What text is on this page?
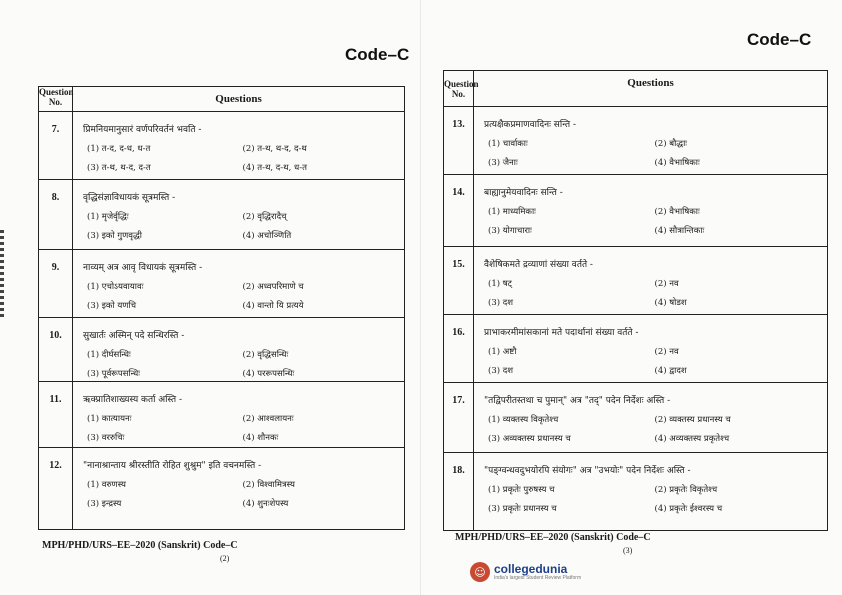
Code–C
Question No.	Questions
7.	प्रिमनियमानुसारं वर्णपरिवर्तनं भवति -
(1) त-द, द-ध, ध-त (2) त-थ, थ-द, द-थ
(3) त-थ, थ-द, द-त (4) त-थ, द-थ, ध-त

8.	वृद्धिसंज्ञाविधायकं सूत्रमस्ति -
(1) मृजेर्वृद्धिः (2) वृद्धिरादैच्
(3) इको गुणवृद्धी (4) अचोञ्णिति

9.	नाव्यम् अत्र आवृ विधायकं सूत्रमस्ति -
(1) एचोऽयवायावः (2) अध्वपरिमाणे च
(3) इको यणचि (4) वान्तो यि प्रत्यये

10.	सुखार्तः अस्मिन् पदे सन्धिरस्ति -
(1) दीर्घसन्धिः (2) वृद्धिसन्धिः
(3) पूर्वरूपसन्धिः (4) पररूपसन्धिः

11.	ऋक्प्रातिशाख्यस्य कर्ता अस्ति -
(1) कात्यायनः (2) आश्वलायनः
(3) वररुचिः (4) शौनकः

12.	"नानाश्रान्ताय श्रीरस्तीति रोहित शुश्रुम" इति वचनमस्ति -
(1) वरुणस्य (2) विश्वामित्रस्य
(3) इन्द्रस्य (4) शुनःशेपस्य
MPH/PHD/URS–EE–2020 (Sanskrit) Code–C
(2)
Code–C
Question No.	Questions
13.	प्रत्यक्षैकप्रमाणवादिनः सन्ति -
(1) चार्वाकाः (2) बौद्धाः
(3) जैनाः (4) वैभाषिकाः

14.	बाह्यानुमेयवादिनः सन्ति -
(1) माध्यमिकाः (2) वैभाषिकाः
(3) योगाचाराः (4) सौत्रान्तिकाः

15.	वैशेषिकमते द्रव्याणां संख्या वर्तते -
(1) षट् (2) नव
(3) दश (4) षोडश

16.	प्राभाकरमीमांसकानां मते पदार्थानां संख्या वर्तते -
(1) अष्टौ (2) नव
(3) दश (4) द्वादश

17.	"तद्विपरीतस्तथा च पुमान्" अत्र "तद्" पदेन निर्देशः अस्ति -
(1) व्यक्तस्य विकृतेश्च (2) व्यक्तस्य प्रधानस्य च
(3) अव्यक्तस्य प्रधानस्य च (4) अव्यक्तस्य प्रकृतेश्च

18.	"पङ्ग्वन्धवदुभयोरपि संयोगः" अत्र "उभयोः" पदेन निर्देशः अस्ति -
(1) प्रकृतेः पुरुषस्य च (2) प्रकृतेः विकृतेश्च
(3) प्रकृतेः प्रधानस्य च (4) प्रकृतेः ईश्वरस्य च
MPH/PHD/URS–EE–2020 (Sanskrit) Code–C
(3)
☺ collegedunia
India's largest Student Review Platform
